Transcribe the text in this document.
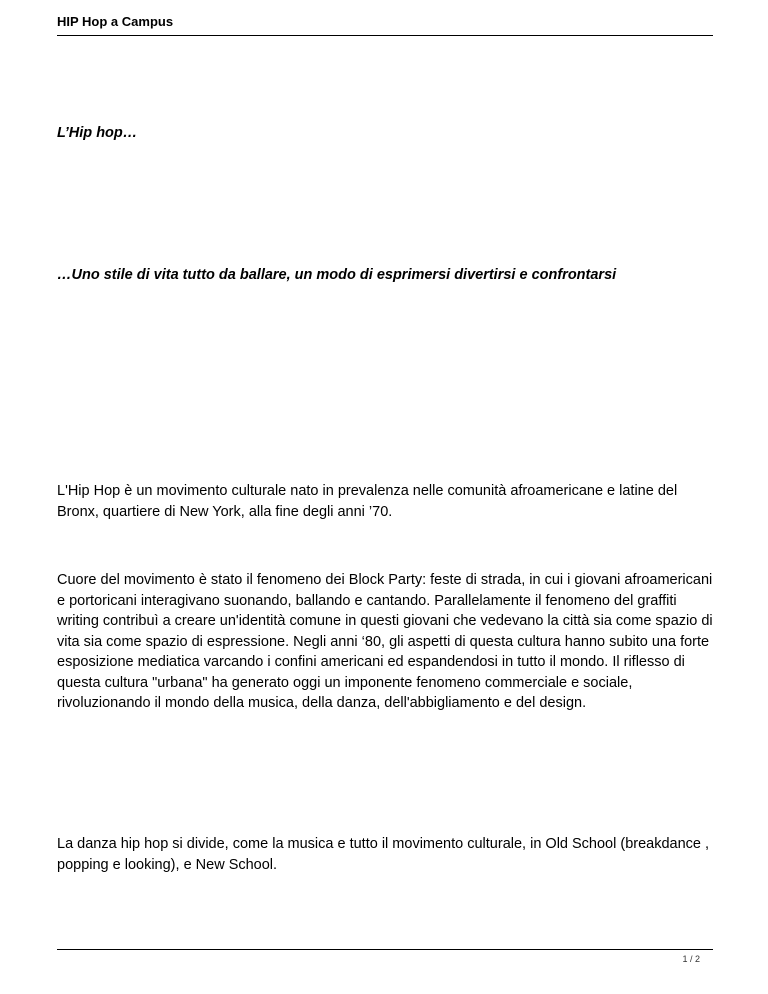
HIP Hop a Campus
L’Hip hop…
…Uno stile di vita tutto da ballare, un modo di esprimersi divertirsi e confrontarsi

L'Hip Hop è un movimento culturale nato in prevalenza nelle comunità afroamericane e latine del Bronx, quartiere di New York, alla fine degli anni ’70.

Cuore del movimento è stato il fenomeno dei Block Party: feste di strada, in cui i giovani afroamericani e portoricani interagivano suonando, ballando e cantando. Parallelamente il fenomeno del graffiti writing contribuì a creare un'identità comune in questi giovani che vedevano la città sia come spazio di vita sia come spazio di espressione. Negli anni ‘80, gli aspetti di questa cultura hanno subito una forte esposizione mediatica varcando i confini americani ed espandendosi in tutto il mondo. Il riflesso di questa cultura "urbana" ha generato oggi un imponente fenomeno commerciale e sociale, rivoluzionando il mondo della musica, della danza, dell'abbigliamento e del design.

La danza hip hop si divide, come la musica e tutto il movimento culturale, in Old School (breakdance , popping e looking), e New School.

1 / 2
